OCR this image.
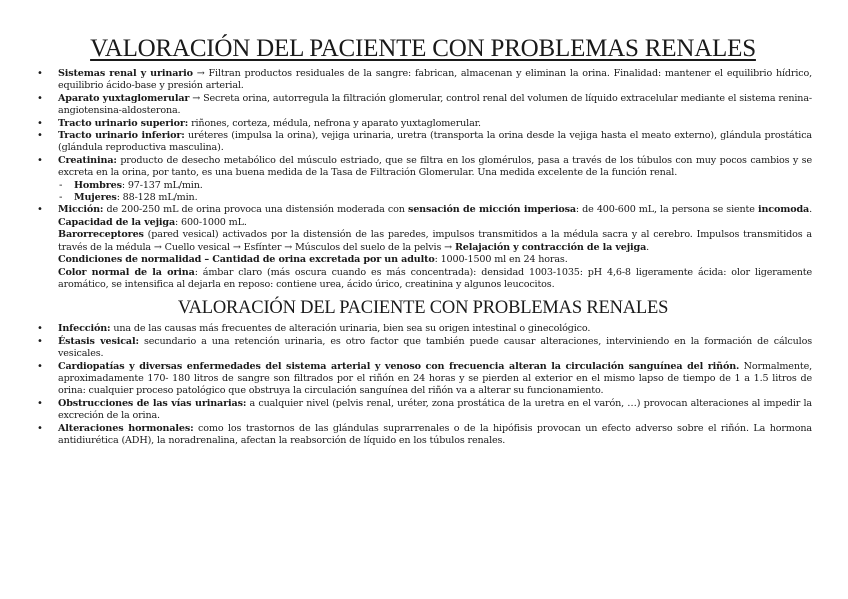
VALORACIÓN DEL PACIENTE CON PROBLEMAS RENALES
• Sistemas renal y urinario → Filtran productos residuales de la sangre: fabrican, almacenan y eliminan la orina. Finalidad: mantener el equilibrio hídrico, equilibrio ácido-base y presión arterial.
• Aparato yuxtaglomerular → Secreta orina, autorregula la filtración glomerular, control renal del volumen de líquido extracelular mediante el sistema renina-angiotensina-aldosterona.
• Tracto urinario superior: riñones, corteza, médula, nefrona y aparato yuxtaglomerular.
• Tracto urinario inferior: uréteres (impulsa la orina), vejiga urinaria, uretra (transporta la orina desde la vejiga hasta el meato externo), glándula prostática (glándula reproductiva masculina).
• Creatinina: producto de desecho metabólico del músculo estriado, que se filtra en los glomérulos, pasa a través de los túbulos con muy pocos cambios y se excreta en la orina, por tanto, es una buena medida de la Tasa de Filtración Glomerular. Una medida excelente de la función renal.
- Hombres: 97-137 mL/min.
- Mujeres: 88-128 mL/min.
• Micción: de 200-250 mL de orina provoca una distensión moderada con sensación de micción imperiosa: de 400-600 mL, la persona se siente incomoda. Capacidad de la vejiga: 600-1000 mL.

Barorreceptores (pared vesical) activados por la distensión de las paredes, impulsos transmitidos a la médula sacra y al cerebro. Impulsos transmitidos a través de la médula → Cuello vesical → Esfínter → Músculos del suelo de la pelvis → Relajación y contracción de la vejiga.

Condiciones de normalidad – Cantidad de orina excretada por un adulto: 1000-1500 ml en 24 horas.

Color normal de la orina: ámbar claro (más oscura cuando es más concentrada): densidad 1003-1035: pH 4,6-8 ligeramente ácida: olor ligeramente aromático, se intensifica al dejarla en reposo: contiene urea, ácido úrico, creatinina y algunos leucocitos.

VALORACIÓN DEL PACIENTE CON PROBLEMAS RENALES
• Infección: una de las causas más frecuentes de alteración urinaria, bien sea su origen intestinal o ginecológico.
• Éstasis vesical: secundario a una retención urinaria, es otro factor que también puede causar alteraciones, interviniendo en la formación de cálculos vesicales.
• Cardiopatías y diversas enfermedades del sistema arterial y venoso con frecuencia alteran la circulación sanguínea del riñón. Normalmente, aproximadamente 170- 180 litros de sangre son filtrados por el riñón en 24 horas y se pierden al exterior en el mismo lapso de tiempo de 1 a 1.5 litros de orina: cualquier proceso patológico que obstruya la circulación sanguínea del riñón va a alterar su funcionamiento.
• Obstrucciones de las vías urinarias: a cualquier nivel (pelvis renal, uréter, zona prostática de la uretra en el varón, …) provocan alteraciones al impedir la excreción de la orina.
• Alteraciones hormonales: como los trastornos de las glándulas suprarrenales o de la hipófisis provocan un efecto adverso sobre el riñón. La hormona antidiurética (ADH), la noradrenalina, afectan la reabsorción de líquido en los túbulos renales.
